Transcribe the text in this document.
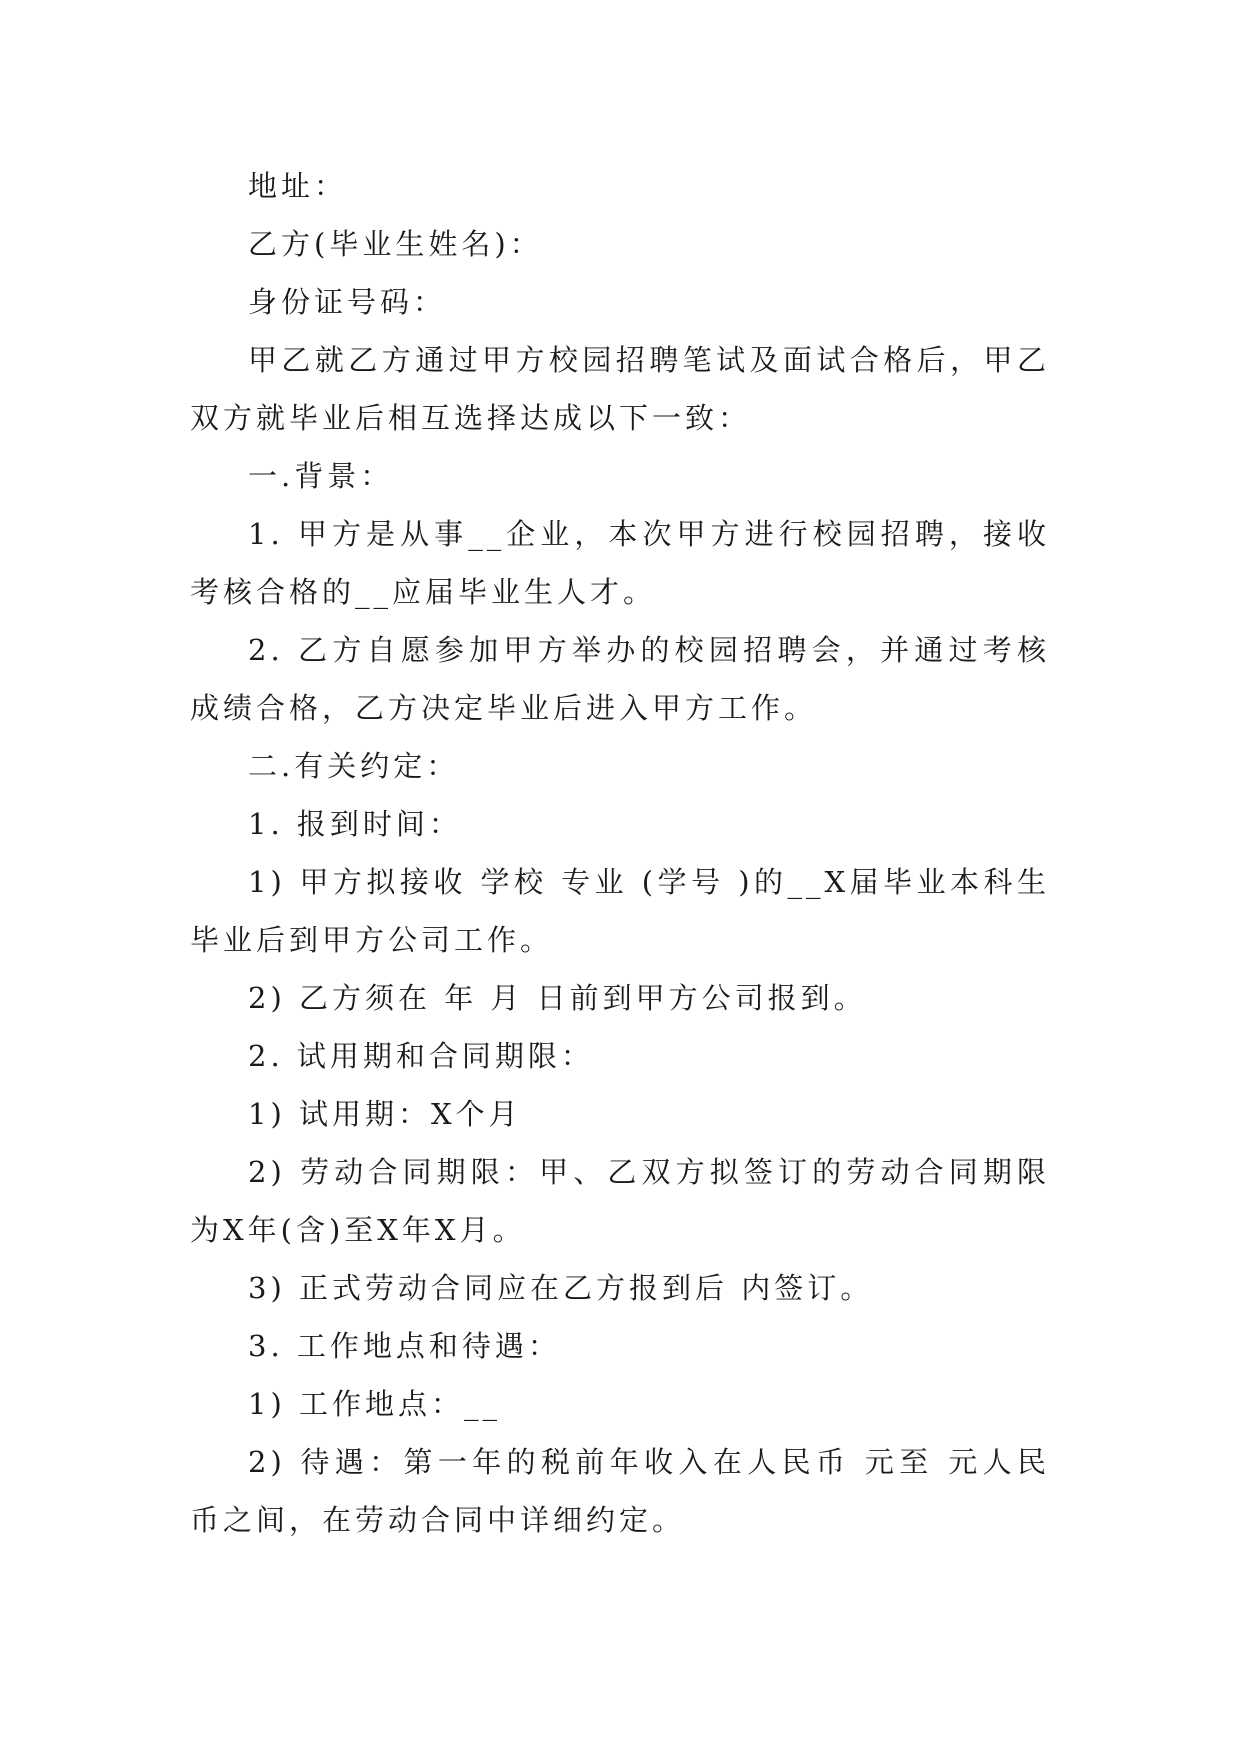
地址：

乙方(毕业生姓名)：

身份证号码：

甲乙就乙方通过甲方校园招聘笔试及面试合格后，甲乙双方就毕业后相互选择达成以下一致：

一.背景：

1. 甲方是从事__企业，本次甲方进行校园招聘，接收考核合格的__应届毕业生人才。

2. 乙方自愿参加甲方举办的校园招聘会，并通过考核成绩合格，乙方决定毕业后进入甲方工作。

二.有关约定：

1. 报到时间：

1) 甲方拟接收 学校 专业 (学号 )的__X届毕业本科生 毕业后到甲方公司工作。

2) 乙方须在 年 月 日前到甲方公司报到。

2. 试用期和合同期限：

1) 试用期：X个月

2) 劳动合同期限：甲、乙双方拟签订的劳动合同期限为X年(含)至X年X月。

3) 正式劳动合同应在乙方报到后 内签订。

3. 工作地点和待遇：

1) 工作地点：__

2) 待遇：第一年的税前年收入在人民币 元至 元人民币之间，在劳动合同中详细约定。
